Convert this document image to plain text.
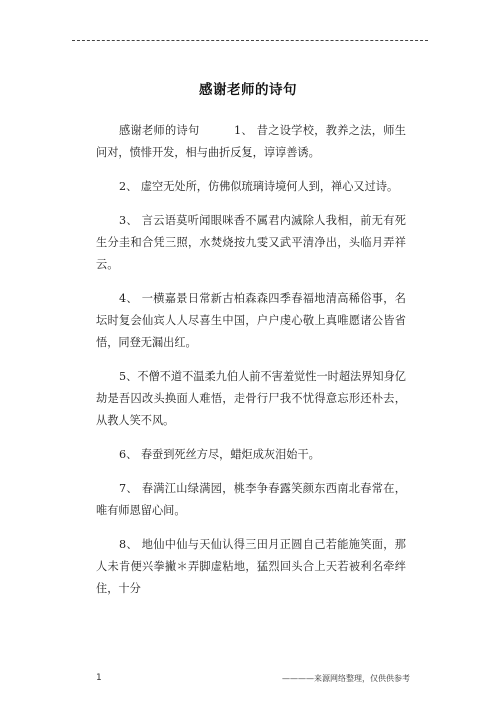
感谢老师的诗句

感谢老师的诗句　　　1、 昔之设学校，教养之法，师生问对，愤悱开发，相与曲折反复，谆谆善诱。

2、 虚空无处所，仿佛似琉璃诗境何人到，禅心又过诗。

3、 言云语莫听闻眼咪香不属君内滅除人我相，前无有死生分圭和合凭三照，水焚烧按九雯又武平清净出，头临月弄祥云。

4、 一横嘉景日常新古柏森森四季春福地清高稀俗事，名坛时复会仙宾人人尽喜生中国，户户虔心敬上真唯愿诸公皆省悟，同登无漏出红。

5、不僧不道不温柔九伯人前不害羞觉性一时超法界知身亿劫是吾囚改头换面人难悟，走骨行尸我不忧得意忘形还朴去，从教人笑不风。

6、 春蚕到死丝方尽，蜡炬成灰泪始干。

7、 春满江山绿满园，桃李争春露笑颜东西南北春常在，唯有师恩留心间。

8、 地仙中仙与天仙认得三田月正圆自己若能施笑面，那人未肯便兴拳撇＊弄脚虚粘地，猛烈回头合上天若被利名牵绊住，十分

1	————来源网络整理，仅供供参考
